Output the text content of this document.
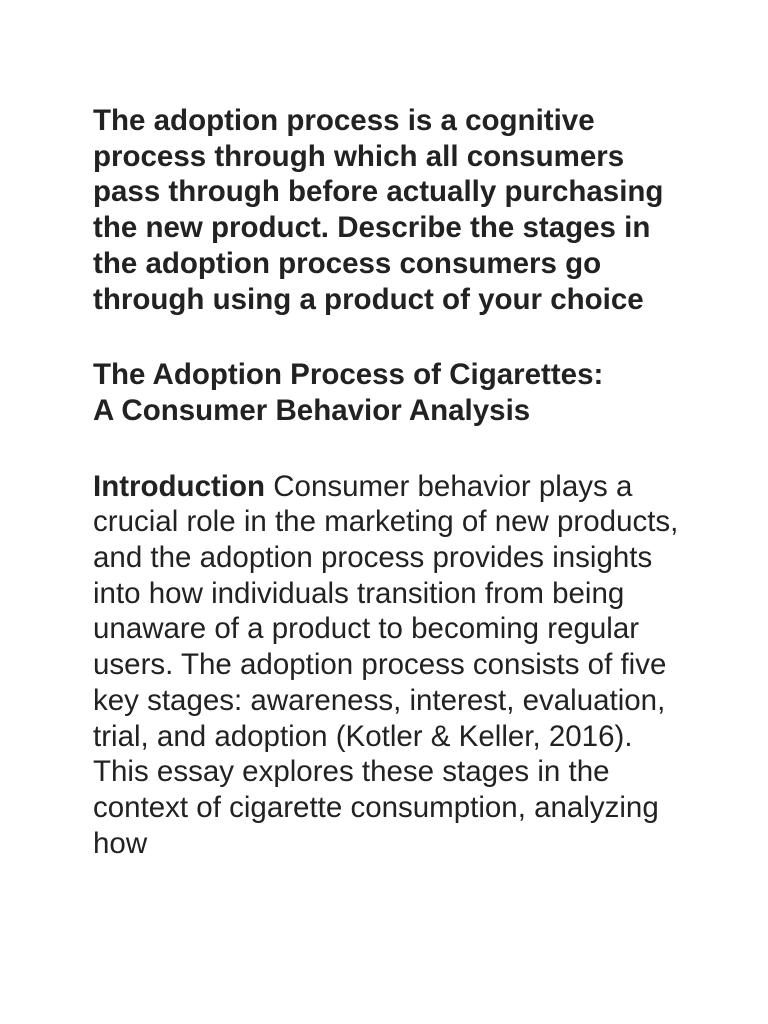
The adoption process is a cognitive process through which all consumers pass through before actually purchasing the new product. Describe the stages in the adoption process consumers go through using a product of your choice

The Adoption Process of Cigarettes:
A Consumer Behavior Analysis

Introduction Consumer behavior plays a crucial role in the marketing of new products, and the adoption process provides insights into how individuals transition from being unaware of a product to becoming regular users. The adoption process consists of five key stages: awareness, interest, evaluation, trial, and adoption (Kotler & Keller, 2016). This essay explores these stages in the context of cigarette consumption, analyzing how
